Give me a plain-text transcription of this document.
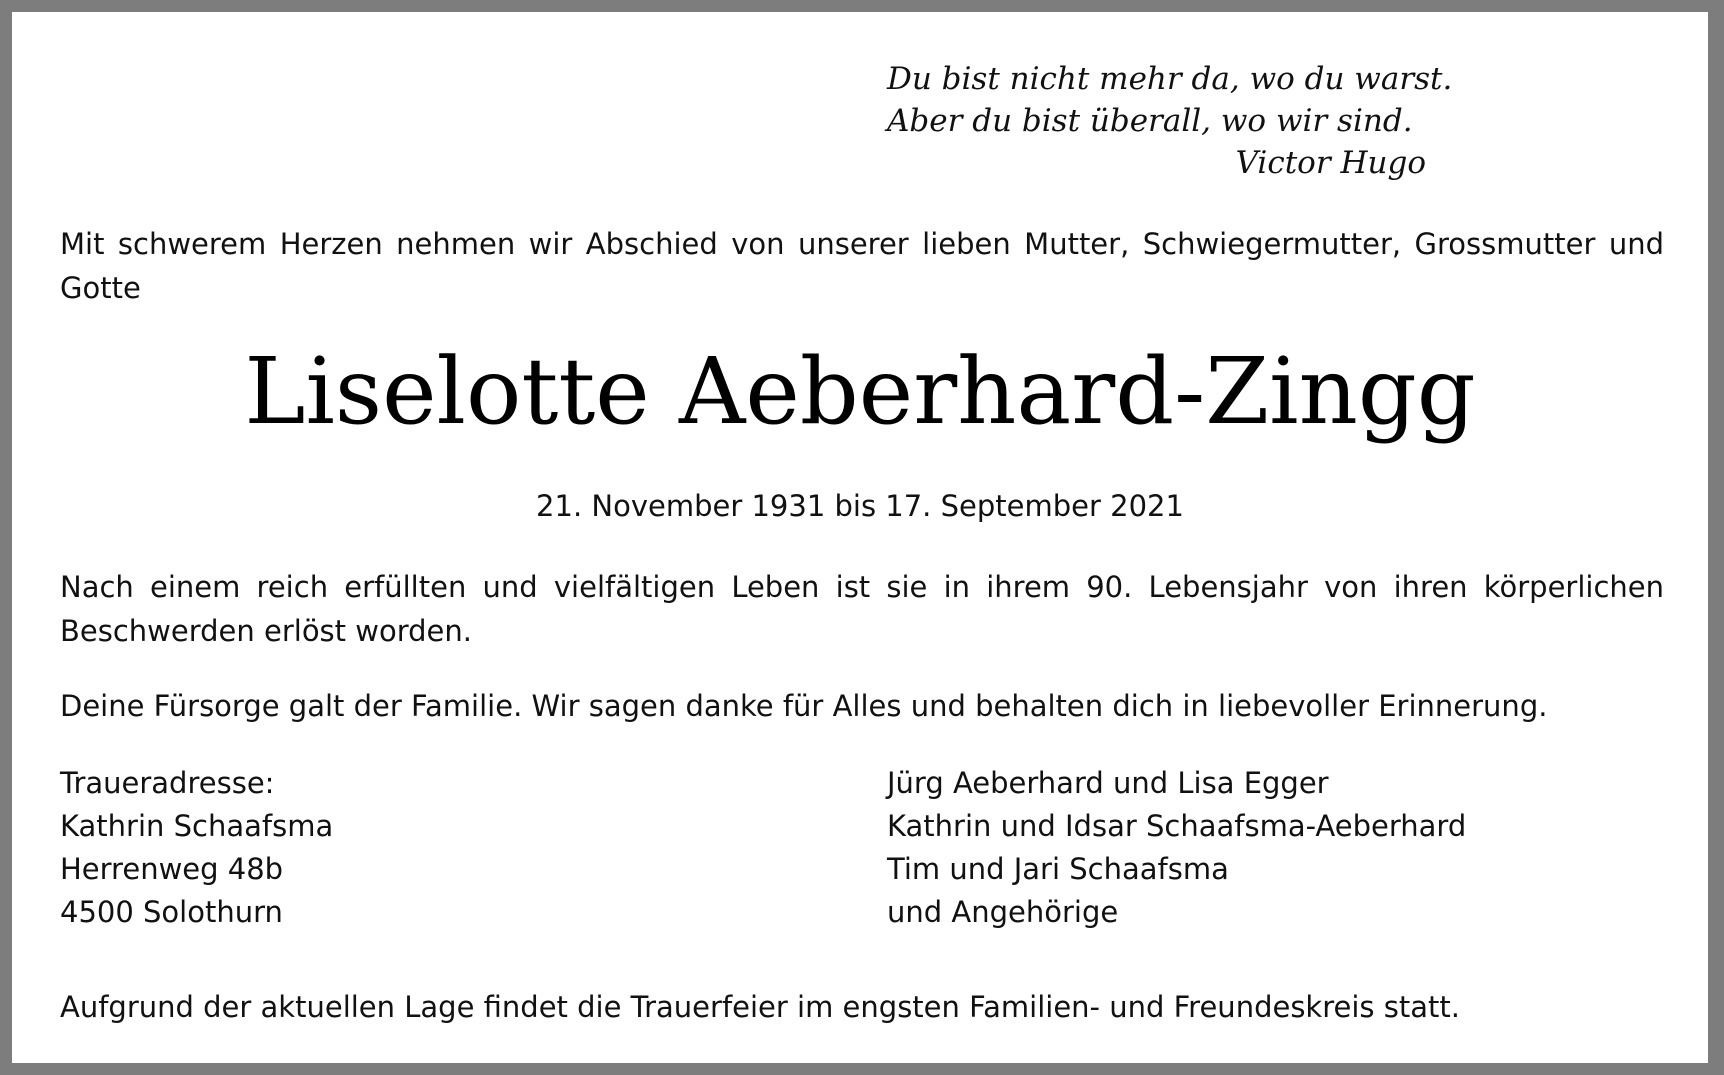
Du bist nicht mehr da, wo du warst.
Aber du bist überall, wo wir sind.
Victor Hugo
Mit schwerem Herzen nehmen wir Abschied von unserer lieben Mutter, Schwiegermutter, Grossmutter und Gotte
Liselotte Aeberhard-Zingg
21. November 1931 bis 17. September 2021
Nach einem reich erfüllten und vielfältigen Leben ist sie in ihrem 90. Lebensjahr von ihren körperlichen Beschwerden erlöst worden.
Deine Fürsorge galt der Familie. Wir sagen danke für Alles und behalten dich in liebevoller Erinnerung.
Traueradresse:
Kathrin Schaafsma
Herrenweg 48b
4500 Solothurn
Jürg Aeberhard und Lisa Egger
Kathrin und Idsar Schaafsma-Aeberhard
Tim und Jari Schaafsma
und Angehörige
Aufgrund der aktuellen Lage findet die Trauerfeier im engsten Familien- und Freundeskreis statt.
